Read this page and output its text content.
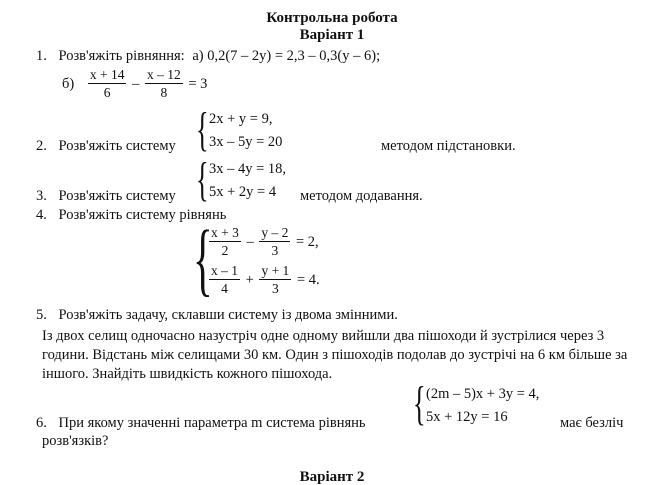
Контрольна робота
Варіант 1
1. Розв'яжіть рівняння: а) 0,2(7 – 2y) = 2,3 – 0,3(y – 6);
$б) \frac{x + 14}{6} - \frac{x - 12}{8} = 3$
{ 2x + y = 9,
3x – 5y = 20
2. Розв'яжіть систему	методом підстановки.
{ 3x – 4y = 18,
5x + 2y = 4
3. Розв'яжіть систему	методом додавання.
4. Розв'яжіть систему рівнянь
{
$\frac{x + 3}{2} - \frac{y - 2}{3} = 2$,
$\frac{x - 1}{4} + \frac{y + 1}{3} = 4$.
5. Розв'яжіть задачу, склавши систему із двома змінними.
Із двох селищ одночасно назустріч одне одному вийшли два пішоходи й зустрілися через 3 години. Відстань між селищами 30 км. Один з пішоходів подолав до зустрічі на 6 км більше за іншого. Знайдіть швидкість кожного пішохода.
{ (2m – 5)x + 3y = 4,
5x + 12y = 16
6. При якому значенні параметра m система рівнянь	має безліч
розв'язків?
Варіант 2
